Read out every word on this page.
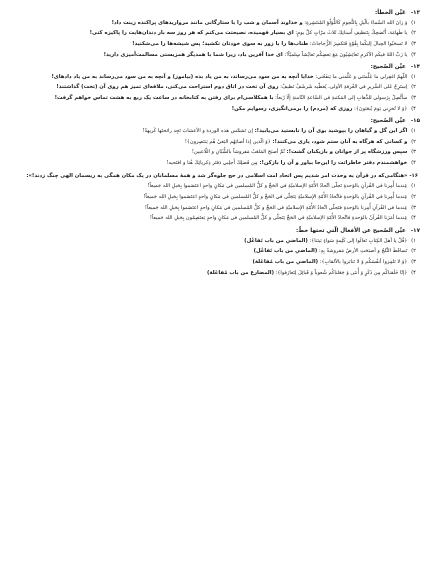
۱۳- عَيِّن الخطأ:
۱) وَ زانَ الله السّماءَ بالّيلِ بِالنُّجومِ كَاللُّؤلُؤِ المُنتَشِرةِ: و خداوند آسمان و شب را با ستارگانی مانند مرواریدهای پراکنده زینت داد!
۲) يا طَهامَة، أَتُضحِكُ بِتَنظيفِ أَسنانِكَ ثَلاثَ مرّاتٍ كلَّ يومٍ: ای بسیار فهمیده، نصیحتت می‌کنم که هر روز سه بار دندان‌هایت را پاکیزه کنی!
۳) لا تَسحَبُوا الحِبالَ إليكُما بِقُوّةٍ فَتَكسِرَ الزُّجاجاتُ: طناب‌ها را با زور به سوی خودتان نکشید؛ پس شیشه‌ها را می‌شکنید!
۴) يا رَبِّ اللهُ فيكَم الأكرمِ تَعايَشِيُونَ مَعَ بَعضِكُم تَعايُشاً سِلميّاً!: ای خدا آفرین باد، زیرا شما با همدیگر همزیستی مسالمت‌آمیزی دارید!
۱۴- عيِّن الصّحيح:
۱) اللّهمّ اغفِرلي ما عَلَّمتَني و عَلِّمني ما يَنفَعُني: خدایا آنچه به من سود می‌رساند، به من یاد بده (بیاموز) و آنچه به من سود می‌رساند به من یاد دادهای!
۲) اِستَرِحْ عَلى السَّريرِ في الغُرفةِ الأولى، يُغطّيه شَرشَفٌ نَظيفٌ: روی آن تخت در اتاق دوم استراحت می‌کنی، ملافه‌ای تمیز هم روی آن (تخت) گذاشتند!
۳) سأَتَّصِلُ بِرَسولي للذَّهابِ إلى المَكتبةِ في السّاعةِ الثّامنةِ إلّا رُبعاً: با همکلاسی‌ام برای رفتن به کتابخانه در ساعت یک ربع به هشت تماس خواهم گرفت!
۴) ﴿وَ لا تُخزِني يَومَ يُبعَثونَ﴾: روزی که (مردم) را برمی‌انگیزی، رسوایم مکن!
۱۵- عيِّن الصّحيح:
۱) اگر این گل و گیاهان را بپوشید بوی آن را نابستید می‌یابید!: إن تَشمَّس هذه الوردة و الأعشابَ تَجِد رائحتَها كَريهةً!
۲) و کسانی که هرگاه به آنان ستم شود، یاری می‌کنند!: ﴿وَ الّذين إذا أصابَهُم البَغيُ هُم يَنتَصِرون﴾!
۳) سپس ورزشگاه پر از جوانان و بازیکنان گشت!: ثُمَّ أصبَحَ المَلعَبُ مَفروشاً بالشُّبّانِ و اللّاعبين!
۴) خواهشمندم دفتر خاطراتت را این‌جا بیاور و آن را بازکن!: مِن فَضلِكَ أَجلِبي دَفتَر ذِكرياتِكَ هُنا و افتَحيه!
۱۶- «هنگامی‌که در قرآن به وحدت امر شدیم پس اتحاد امت اسلامی در حج جلوه‌گر شد و همهٔ مسلمانان در یک مکان همگی به ریسمان الهی چنگ زدند!»:
۱) عِندما أُمِرنا في القُرآنِ بالوَحدةِ تَجلّى اتِّحادُ الأُمّةِ الإسلاميّةِ في الحَجِّ و كلُّ المُسلمين في مَكانٍ واحدٍ اعتَصَموا بِحَبلِ الله جَميعاً!
۲) عِندما أُمِرنا في القُرآنِ بالوَحدةِ فاتِّحادُ الأُمّةِ الإسلاميّةِ يَتَجَلّى في الحَجِّ و كلُّ المُسلمين في مَكانٍ واحدٍ اعتَصَموا بِحَبلِ الله جَميعاً!
۳) عِندما في القُرآنِ أُمِرنا بالوَحدةِ فتَجلّى اتِّحادُ الأُمّةِ الإسلاميّةِ في الحَجِّ و كلُّ المُسلمين في مَكانٍ واحدٍ اعتَصَموا بِحَبلِ الله جَميعاً!
۴) عِندما أمَرَنا القُرآنُ بالوَحدةِ فاتِّحادُ الأُمّةِ الإسلاميّةِ في الحَجِّ يَتَجلّى و كلُّ المُسلمين في مَكانٍ واحدٍ يَعتَصِمُون بِحَبلِ الله جَميعاً!
۱۷- عيِّن الصّحيح عن الأفعال الّتي تحتها خطّ:
۱) ﴿قُلْ يا أهلَ الكِتابِ تَعالَوا إلى كَلِمةٍ سَواءٍ بَينَنا﴾: (الماضي من باب تَفاعُل)
۲) تَساقَطَ الثَّلجُ و أصبَحَتِ الأرضُ مَفروشةً بِهِ: (الماضي من باب تَفاعُل)
۳) ﴿وَ لا تَلمِزوا أنفُسَكُم وَ لا تَنابَزوا بالألقابِ﴾: (الماضي من باب مُفاعَلة)
۴) ﴿إنّا خَلَقناكُم مِن ذَكَرٍ وَ أُنثى وَ جَعَلناكُم شُعوباً وَ قَبائِلَ لِتَعارَفوا﴾: (المضارع من باب مُفاعَلة)
